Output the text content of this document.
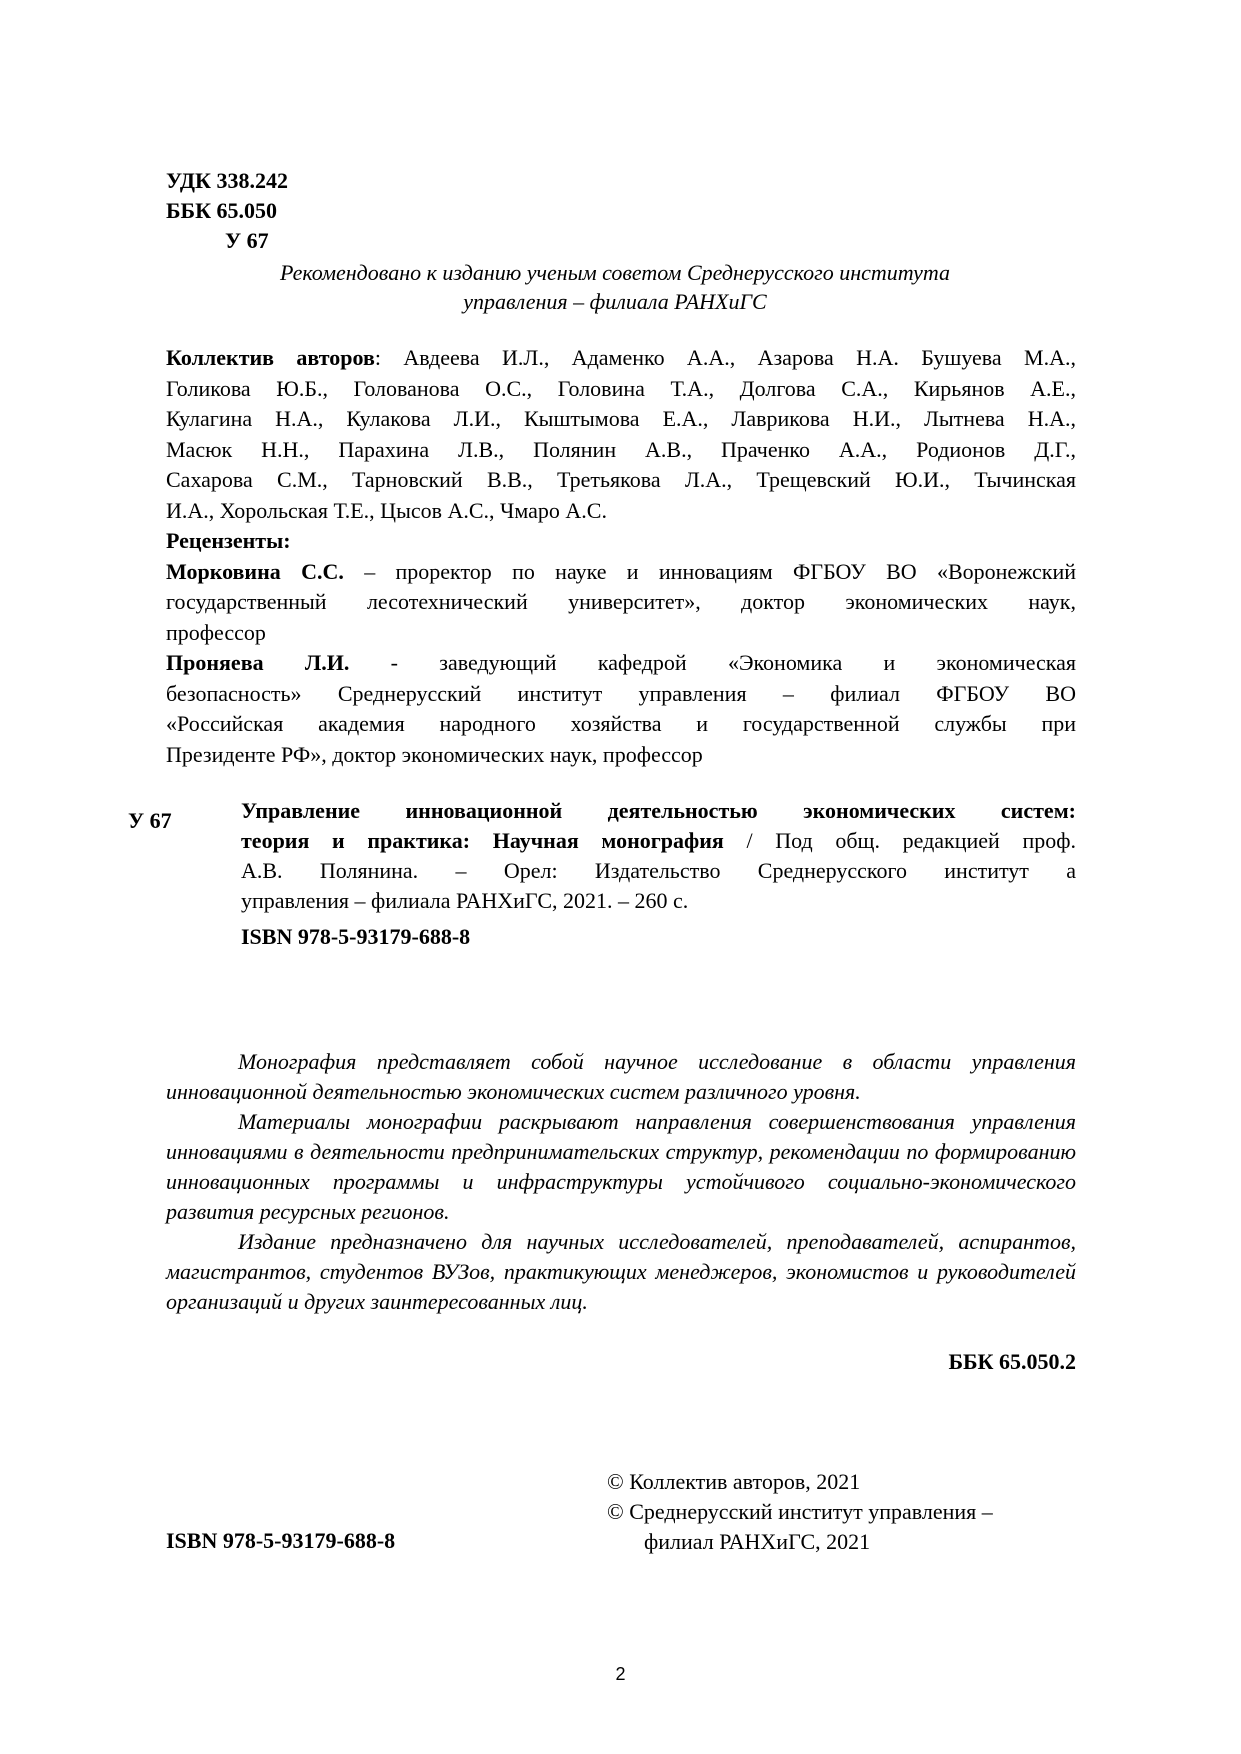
УДК 338.242
ББК 65.050
У 67
Рекомендовано к изданию ученым советом Среднерусского института
управления – филиала РАНХиГС
Коллектив авторов: Авдеева И.Л., Адаменко А.А., Азарова Н.А. Бушуева М.А.,
Голикова Ю.Б., Голованова О.С., Головина Т.А., Долгова С.А., Кирьянов А.Е.,
Кулагина Н.А., Кулакова Л.И., Кыштымова Е.А., Лаврикова Н.И., Лытнева Н.А.,
Масюк Н.Н., Парахина Л.В., Полянин А.В., Праченко А.А., Родионов Д.Г.,
Сахарова С.М., Тарновский В.В., Третьякова Л.А., Трещевский Ю.И., Тычинская
И.А., Хорольская Т.Е., Цысов А.С., Чмаро А.С.
Рецензенты:
Морковина С.С. – проректор по науке и инновациям ФГБОУ ВО «Воронежский
государственный лесотехнический университет», доктор экономических наук,
профессор
Проняева Л.И. - заведующий кафедрой «Экономика и экономическая
безопасность» Среднерусский институт управления – филиал ФГБОУ ВО
«Российская академия народного хозяйства и государственной службы при
Президенте РФ», доктор экономических наук, профессор
У 67	Управление инновационной деятельностью экономических систем:
теория и практика: Научная монография / Под общ. редакцией проф.
А.В. Полянина. – Орел: Издательство Среднерусского институт а
управления – филиала РАНХиГС, 2021. – 260 с.
ISBN 978-5-93179-688-8

Монография представляет собой научное исследование в области управления инновационной деятельностью экономических систем различного уровня.

Материалы монографии раскрывают направления совершенствования управления инновациями в деятельности предпринимательских структур, рекомендации по формированию инновационных программы и инфраструктуры устойчивого социально-экономического развития ресурсных регионов.

Издание предназначено для научных исследователей, преподавателей, аспирантов, магистрантов, студентов ВУЗов, практикующих менеджеров, экономистов и руководителей организаций и других заинтересованных лиц.

ББК 65.050.2
© Коллектив авторов, 2021
© Среднерусский институт управления –
филиал РАНХиГС, 2021
ISBN 978-5-93179-688-8
2
